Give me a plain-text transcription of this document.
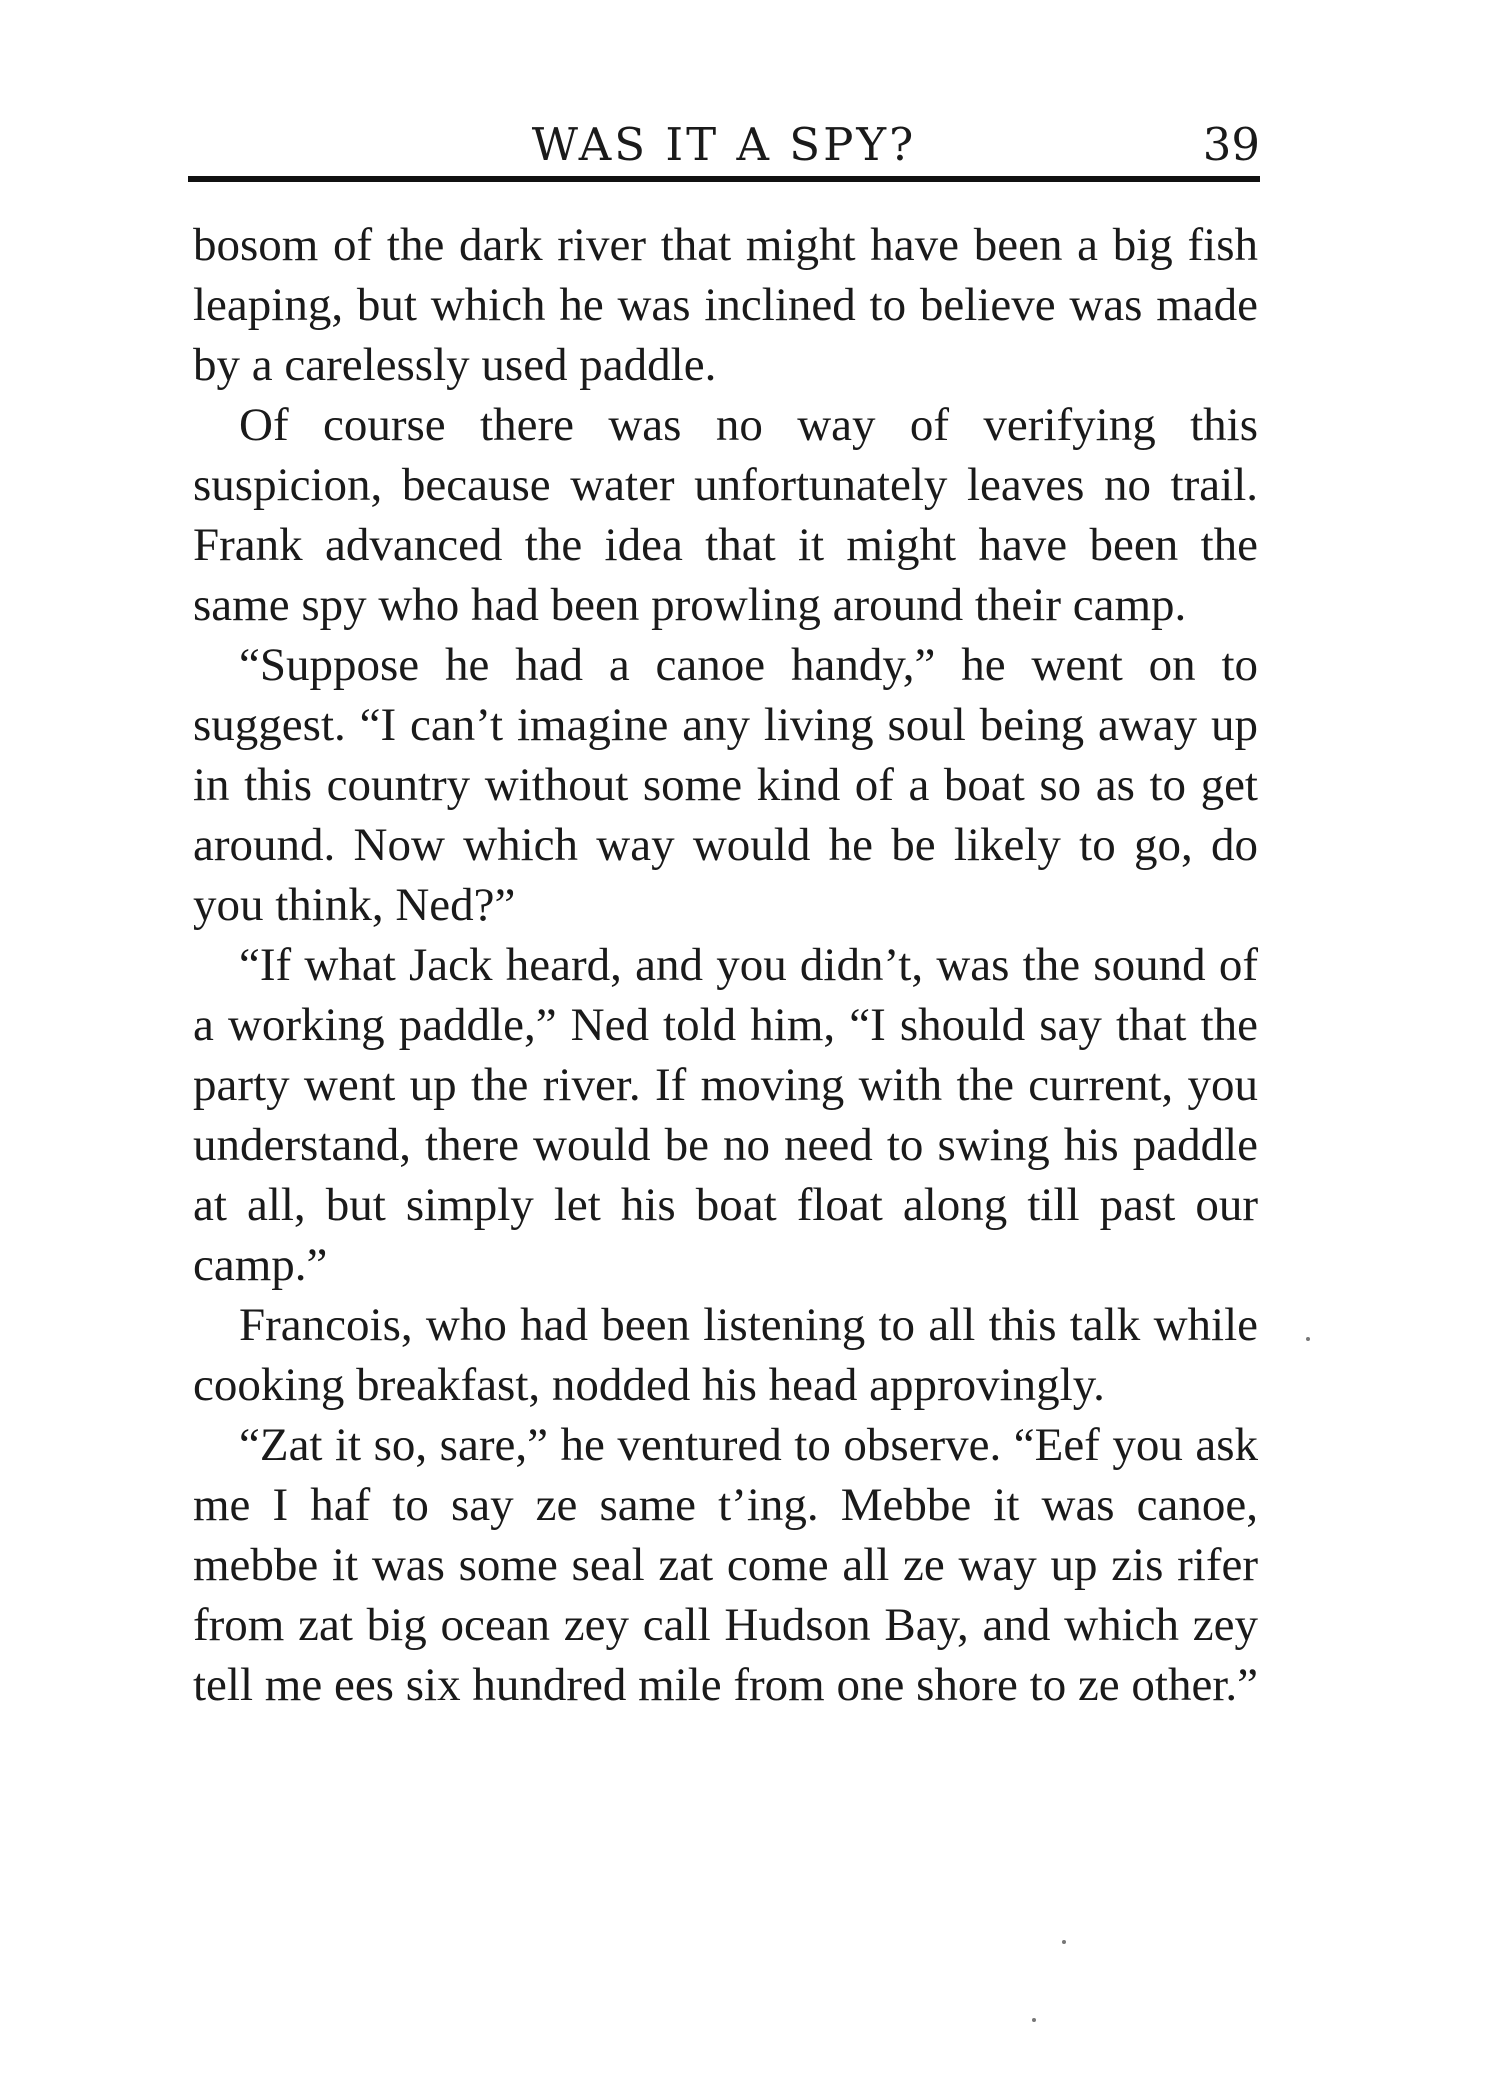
WAS IT A SPY?	39

bosom of the dark river that might have been a big fish leaping, but which he was inclined to believe was made by a carelessly used paddle.

Of course there was no way of verifying this suspicion, because water unfortunately leaves no trail. Frank advanced the idea that it might have been the same spy who had been prowling around their camp.

“Suppose he had a canoe handy,” he went on to suggest. “I can’t imagine any living soul being away up in this country without some kind of a boat so as to get around. Now which way would he be likely to go, do you think, Ned?”

“If what Jack heard, and you didn’t, was the sound of a working paddle,” Ned told him, “I should say that the party went up the river. If moving with the current, you understand, there would be no need to swing his paddle at all, but simply let his boat float along till past our camp.”

Francois, who had been listening to all this talk while cooking breakfast, nodded his head approvingly.

“Zat it so, sare,” he ventured to observe. “Eef you ask me I haf to say ze same t’ing. Mebbe it was canoe, mebbe it was some seal zat come all ze way up zis rifer from zat big ocean zey call Hudson Bay, and which zey tell me ees six hundred mile from one shore to ze other.”
